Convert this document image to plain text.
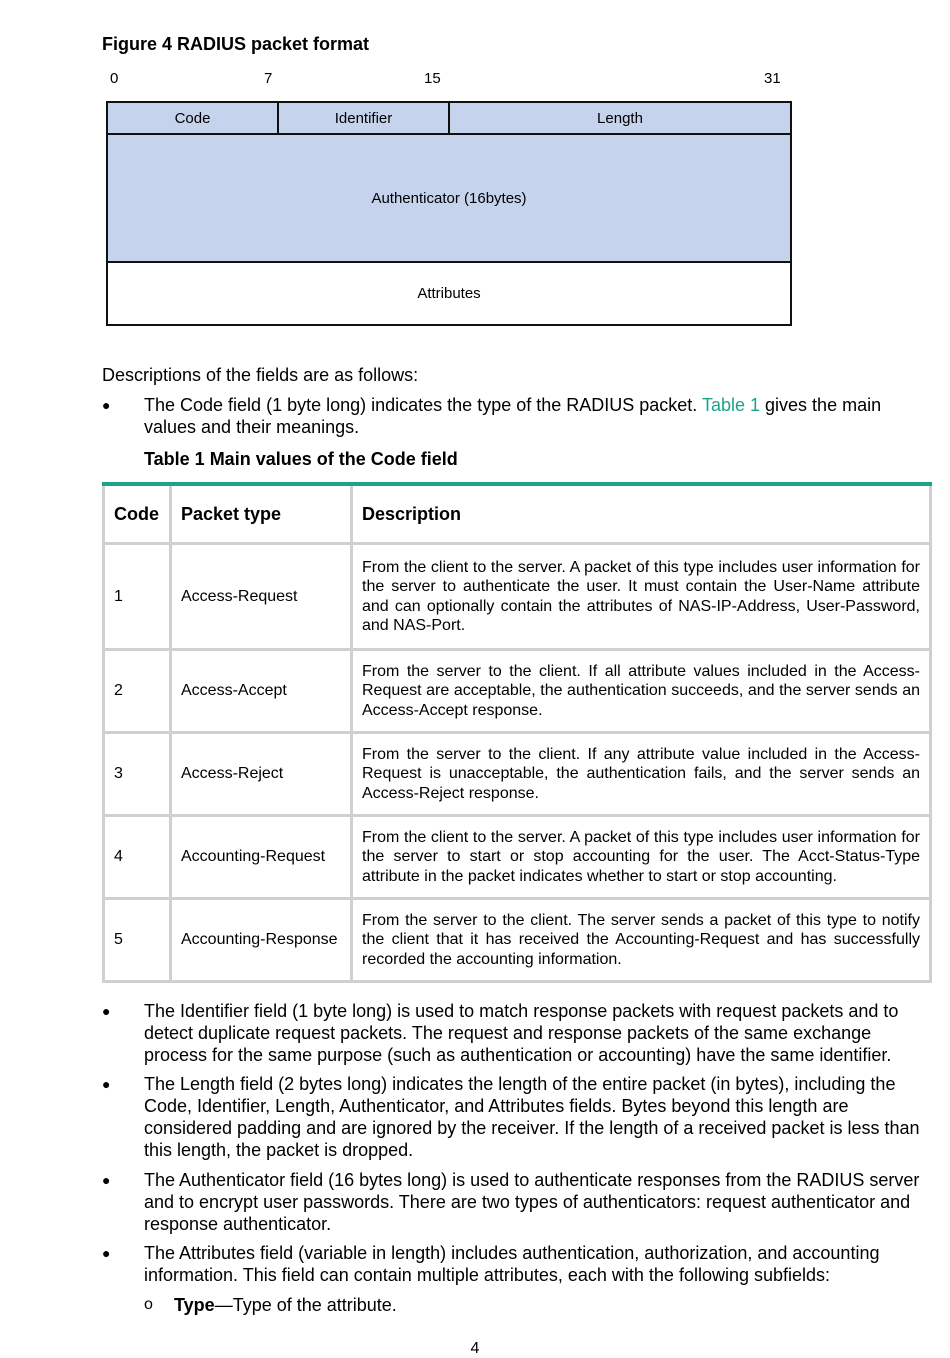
Figure 4 RADIUS packet format
0	7	15	31
Code	Identifier	Length
Authenticator (16bytes)
Attributes
Descriptions of the fields are as follows:
● The Code field (1 byte long) indicates the type of the RADIUS packet. Table 1 gives the main values and their meanings.
Table 1 Main values of the Code field
Code	Packet type	Description
1	Access-Request	From the client to the server. A packet of this type includes user information for the server to authenticate the user. It must contain the User-Name attribute and can optionally contain the attributes of NAS-IP-Address, User-Password, and NAS-Port.
2	Access-Accept	From the server to the client. If all attribute values included in the Access-Request are acceptable, the authentication succeeds, and the server sends an Access-Accept response.
3	Access-Reject	From the server to the client. If any attribute value included in the Access-Request is unacceptable, the authentication fails, and the server sends an Access-Reject response.
4	Accounting-Request	From the client to the server. A packet of this type includes user information for the server to start or stop accounting for the user. The Acct-Status-Type attribute in the packet indicates whether to start or stop accounting.
5	Accounting-Response	From the server to the client. The server sends a packet of this type to notify the client that it has received the Accounting-Request and has successfully recorded the accounting information.
● The Identifier field (1 byte long) is used to match response packets with request packets and to detect duplicate request packets. The request and response packets of the same exchange process for the same purpose (such as authentication or accounting) have the same identifier.
● The Length field (2 bytes long) indicates the length of the entire packet (in bytes), including the Code, Identifier, Length, Authenticator, and Attributes fields. Bytes beyond this length are considered padding and are ignored by the receiver. If the length of a received packet is less than this length, the packet is dropped.
● The Authenticator field (16 bytes long) is used to authenticate responses from the RADIUS server and to encrypt user passwords. There are two types of authenticators: request authenticator and response authenticator.
● The Attributes field (variable in length) includes authentication, authorization, and accounting information. This field can contain multiple attributes, each with the following subfields:
o Type—Type of the attribute.
4
